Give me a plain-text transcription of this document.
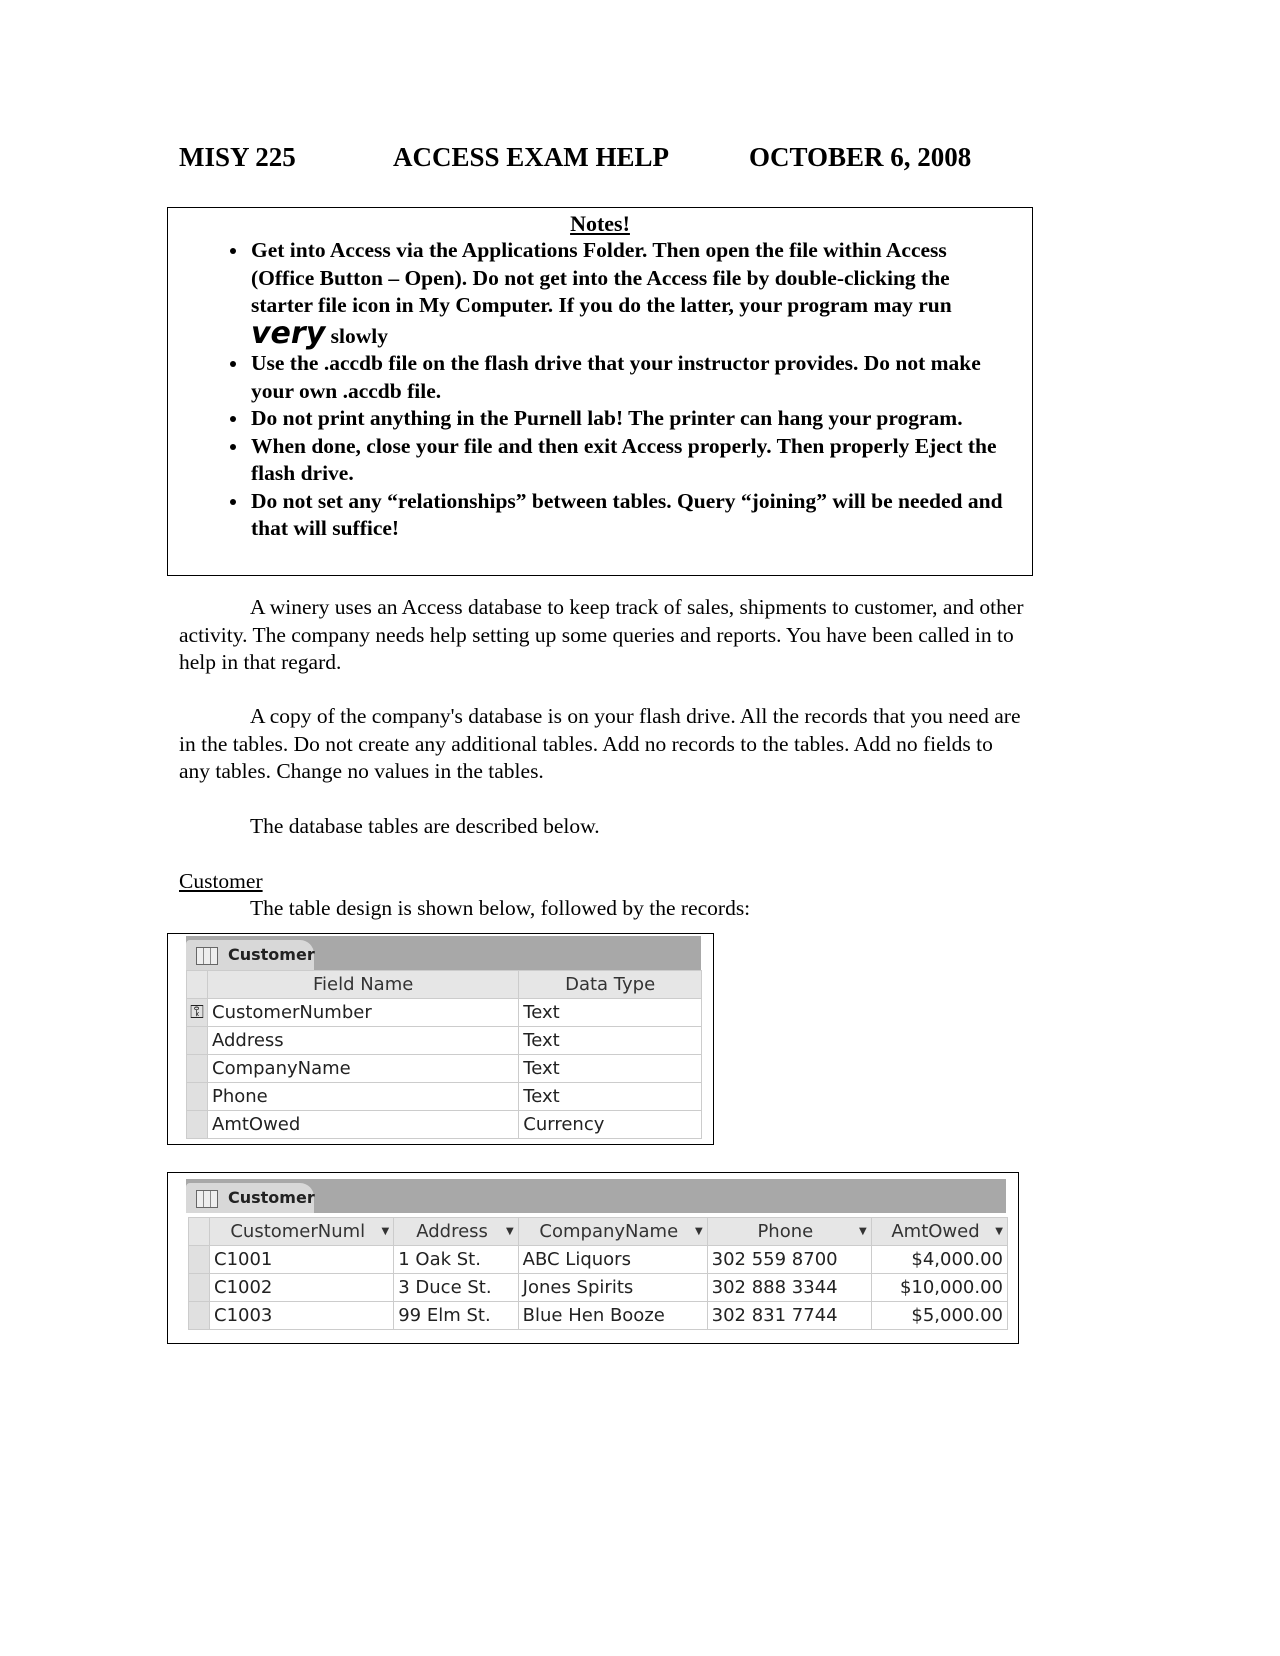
MISY 225	ACCESS EXAM HELP	OCTOBER 6, 2008
Notes!
• Get into Access via the Applications Folder. Then open the file within Access (Office Button – Open). Do not get into the Access file by double-clicking the starter file icon in My Computer. If you do the latter, your program may run very slowly
• Use the .accdb file on the flash drive that your instructor provides. Do not make your own .accdb file.
• Do not print anything in the Purnell lab! The printer can hang your program.
• When done, close your file and then exit Access properly. Then properly Eject the flash drive.
• Do not set any “relationships” between tables. Query “joining” will be needed and that will suffice!

A winery uses an Access database to keep track of sales, shipments to customer, and other activity. The company needs help setting up some queries and reports. You have been called in to help in that regard.

A copy of the company's database is on your flash drive. All the records that you need are in the tables. Do not create any additional tables. Add no records to the tables. Add no fields to any tables. Change no values in the tables.

The database tables are described below.

Customer

The table design is shown below, followed by the records:

Customer
	Field Name	Data Type
⚿	CustomerNumber	Text
	Address	Text
	CompanyName	Text
	Phone	Text
	AmtOwed	Currency
Customer
	CustomerNuml ▼	Address ▼	CompanyName ▼	Phone ▼	AmtOwed ▼

	C1001	1 Oak St.	ABC Liquors	302 559 8700	$4,000.00
	C1002	3 Duce St.	Jones Spirits	302 888 3344	$10,000.00
	C1003	99 Elm St.	Blue Hen Booze	302 831 7744	$5,000.00
